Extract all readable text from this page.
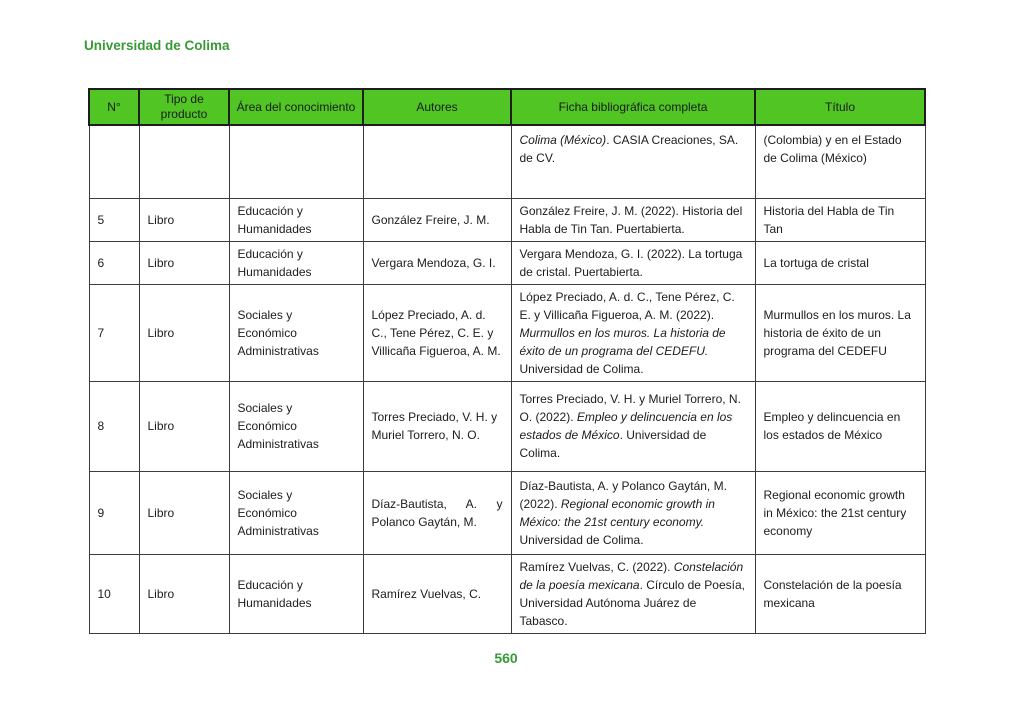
Universidad de Colima
N°	Tipo de producto	Área del conocimiento	Autores	Ficha bibliográfica completa	Título
				Colima (México). CASIA Creaciones, SA. de CV.	(Colombia) y en el Estado de Colima (México)
5	Libro	Educación y Humanidades	González Freire, J. M.	González Freire, J. M. (2022). Historia del Habla de Tin Tan. Puertabierta.	Historia del Habla de Tin Tan
6	Libro	Educación y Humanidades	Vergara Mendoza, G. I.	Vergara Mendoza, G. I. (2022). La tortuga de cristal. Puertabierta.	La tortuga de cristal
7	Libro	Sociales y Económico Administrativas	López Preciado, A. d. C., Tene Pérez, C. E. y Villicaña Figueroa, A. M.	López Preciado, A. d. C., Tene Pérez, C. E. y Villicaña Figueroa, A. M. (2022). Murmullos en los muros. La historia de éxito de un programa del CEDEFU. Universidad de Colima.	Murmullos en los muros. La historia de éxito de un programa del CEDEFU
8	Libro	Sociales y Económico Administrativas	Torres Preciado, V. H. y Muriel Torrero, N. O.	Torres Preciado, V. H. y Muriel Torrero, N. O. (2022). Empleo y delincuencia en los estados de México. Universidad de Colima.	Empleo y delincuencia en los estados de México
9	Libro	Sociales y Económico Administrativas	Díaz-Bautista, A. y Polanco Gaytán, M.	Díaz-Bautista, A. y Polanco Gaytán, M. (2022). Regional economic growth in México: the 21st century economy. Universidad de Colima.	Regional economic growth in México: the 21st century economy
10	Libro	Educación y Humanidades	Ramírez Vuelvas, C.	Ramírez Vuelvas, C. (2022). Constelación de la poesía mexicana. Círculo de Poesía, Universidad Autónoma Juárez de Tabasco.	Constelación de la poesía mexicana
560
